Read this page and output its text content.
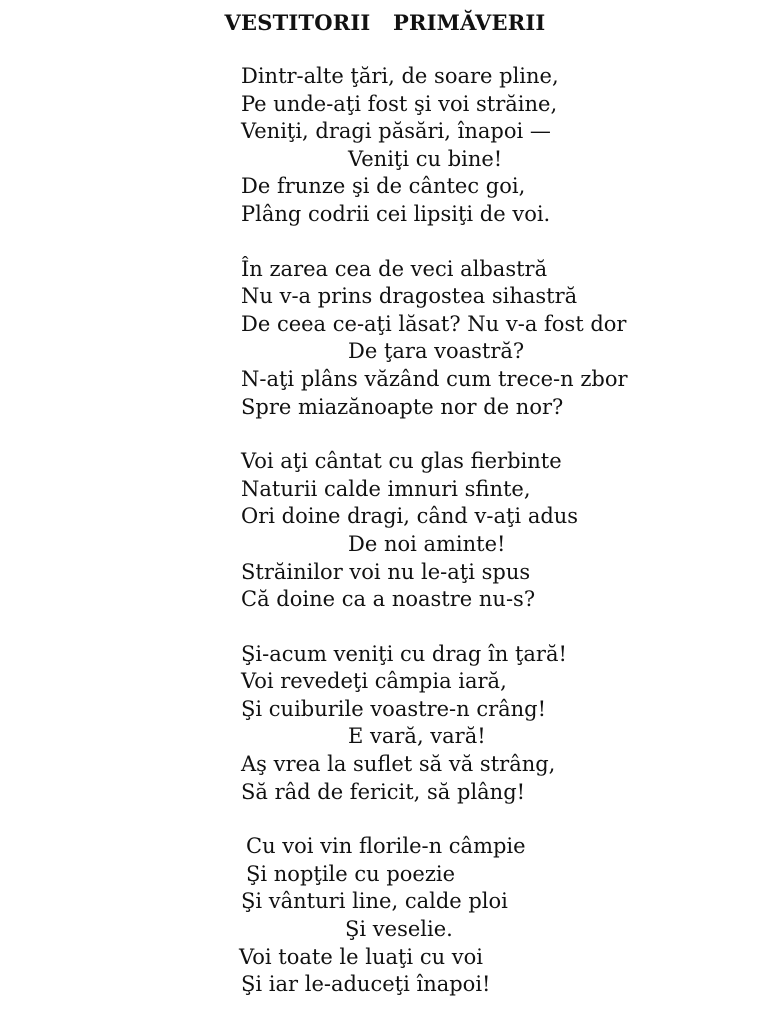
VESTITORII   PRIMĂVERII
Dintr-alte ţări, de soare pline,
Pe unde-aţi fost şi voi străine,
Veniţi, dragi păsări, înapoi —
Veniţi cu bine!
De frunze şi de cântec goi,
Plâng codrii cei lipsiţi de voi.
În zarea cea de veci albastră
Nu v-a prins dragostea sihastră
De ceea ce-aţi lăsat? Nu v-a fost dor
De ţara voastră?
N-aţi plâns văzând cum trece-n zbor
Spre miazănoapte nor de nor?
Voi aţi cântat cu glas fierbinte
Naturii calde imnuri sfinte,
Ori doine dragi, când v-aţi adus
De noi aminte!
Străinilor voi nu le-aţi spus
Că doine ca a noastre nu-s?
Şi-acum veniţi cu drag în ţară!
Voi revedeţi câmpia iară,
Şi cuiburile voastre-n crâng!
E vară, vară!
Aş vrea la suflet să vă strâng,
Să râd de fericit, să plâng!
Cu voi vin florile-n câmpie
Şi nopţile cu poezie
Şi vânturi line, calde ploi
Şi veselie.
Voi toate le luaţi cu voi
Şi iar le-aduceţi înapoi!
